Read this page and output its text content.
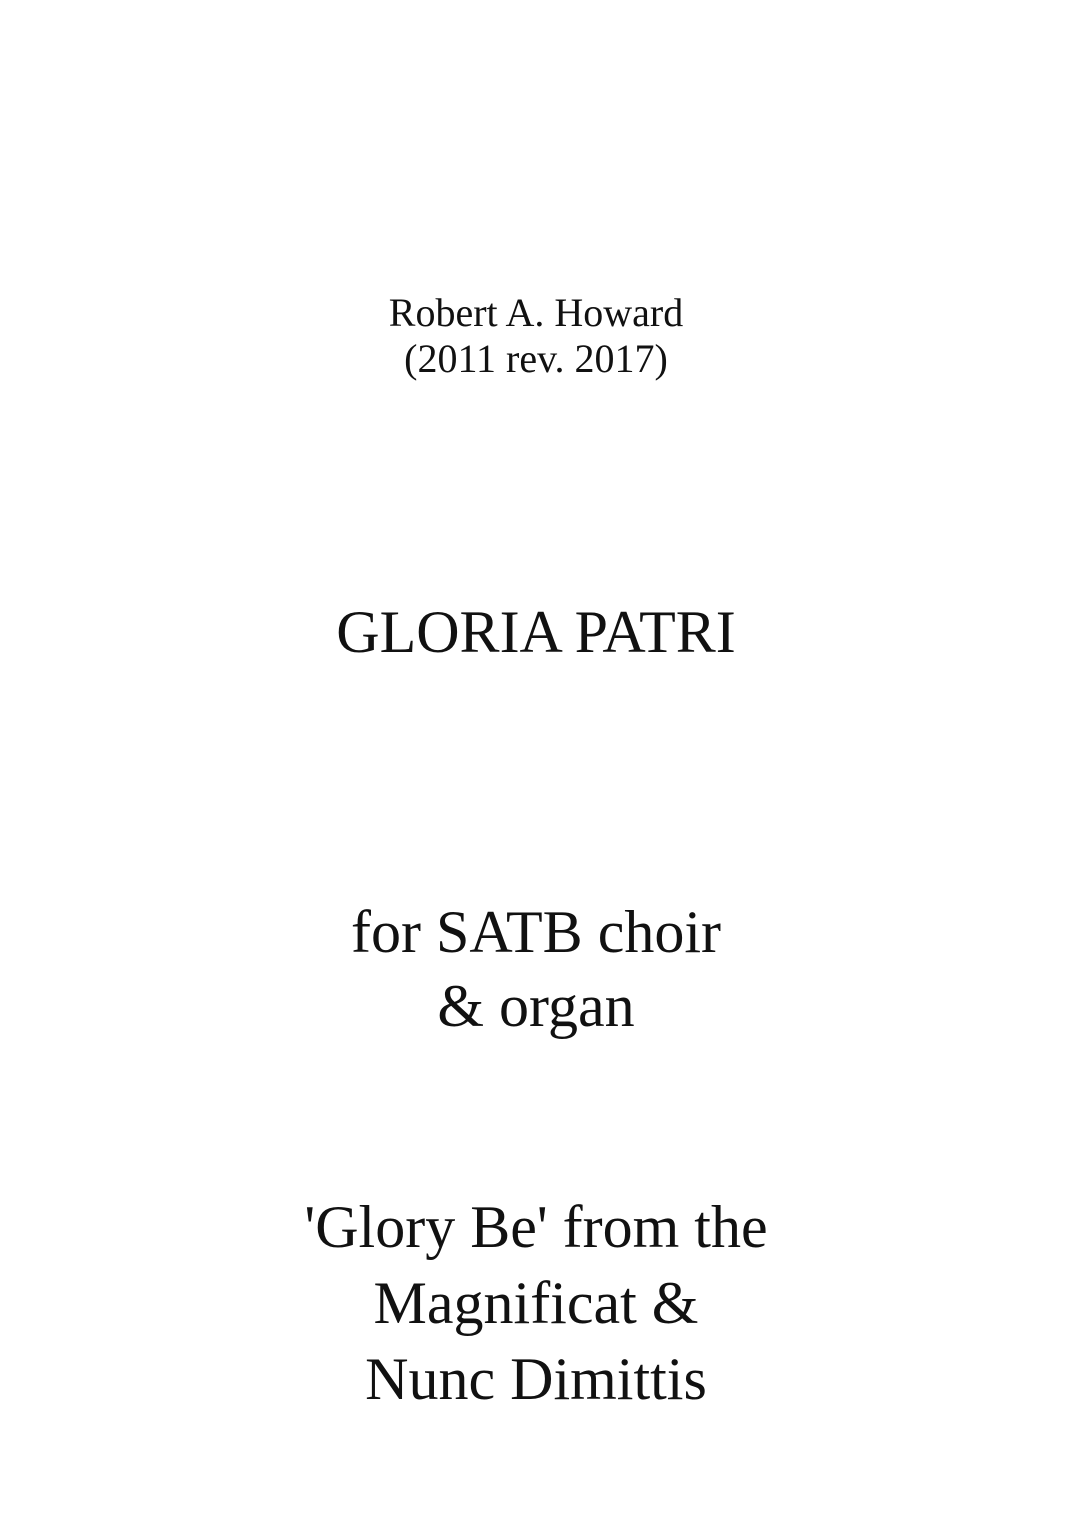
Robert A. Howard
(2011 rev. 2017)
GLORIA PATRI
for SATB choir
& organ
'Glory Be' from the
Magnificat &
Nunc Dimittis
